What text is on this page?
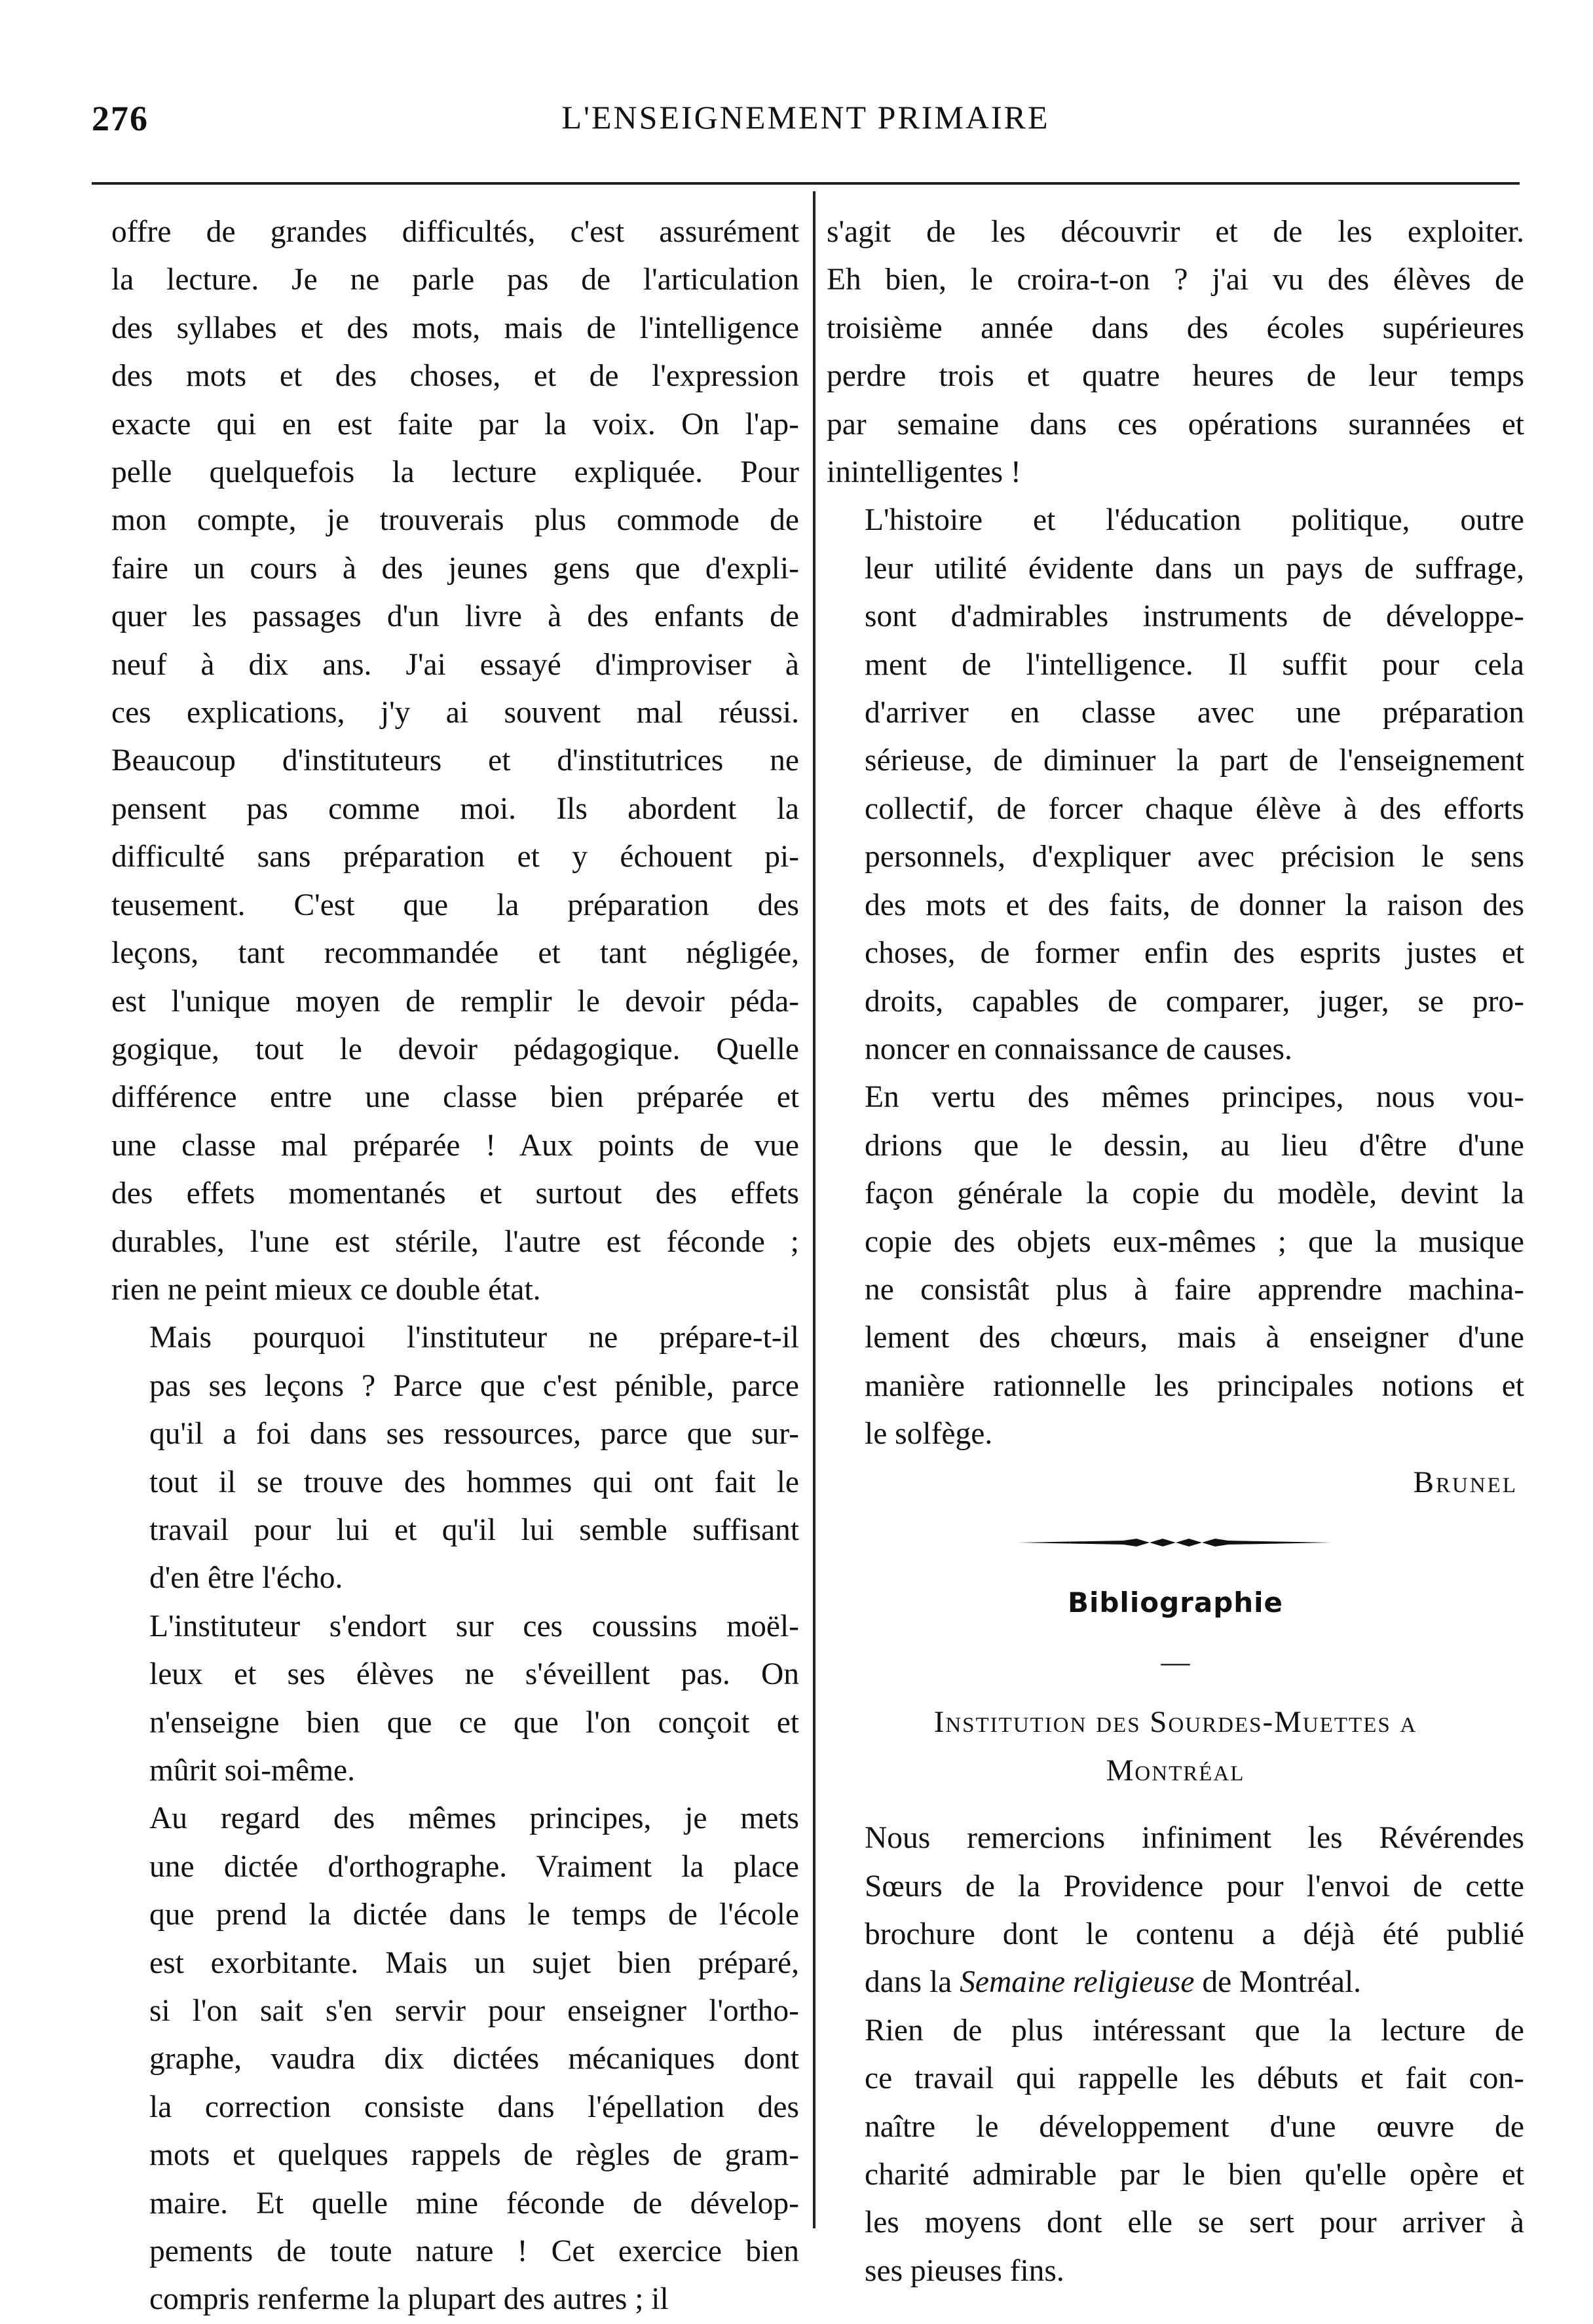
276	L'ENSEIGNEMENT PRIMAIRE

offre de grandes difficultés, c'est assurément
la lecture. Je ne parle pas de l'articulation
des syllabes et des mots, mais de l'intelligence
des mots et des choses, et de l'expression
exacte qui en est faite par la voix. On l'ap-
pelle quelquefois la lecture expliquée. Pour
mon compte, je trouverais plus commode de
faire un cours à des jeunes gens que d'expli-
quer les passages d'un livre à des enfants de
neuf à dix ans. J'ai essayé d'improviser à
ces explications, j'y ai souvent mal réussi.
Beaucoup d'instituteurs et d'institutrices ne
pensent pas comme moi. Ils abordent la
difficulté sans préparation et y échouent pi-
teusement. C'est que la préparation des
leçons, tant recommandée et tant négligée,
est l'unique moyen de remplir le devoir péda-
gogique, tout le devoir pédagogique. Quelle
différence entre une classe bien préparée et
une classe mal préparée ! Aux points de vue
des effets momentanés et surtout des effets
durables, l'une est stérile, l'autre est féconde ;
rien ne peint mieux ce double état.

Mais pourquoi l'instituteur ne prépare-t-il
pas ses leçons ? Parce que c'est pénible, parce
qu'il a foi dans ses ressources, parce que sur-
tout il se trouve des hommes qui ont fait le
travail pour lui et qu'il lui semble suffisant
d'en être l'écho.

L'instituteur s'endort sur ces coussins moël-
leux et ses élèves ne s'éveillent pas. On
n'enseigne bien que ce que l'on conçoit et
mûrit soi-même.

Au regard des mêmes principes, je mets
une dictée d'orthographe. Vraiment la place
que prend la dictée dans le temps de l'école
est exorbitante. Mais un sujet bien préparé,
si l'on sait s'en servir pour enseigner l'ortho-
graphe, vaudra dix dictées mécaniques dont
la correction consiste dans l'épellation des
mots et quelques rappels de règles de gram-
maire. Et quelle mine féconde de dévelop-
pements de toute nature ! Cet exercice bien
compris renferme la plupart des autres ; il

s'agit de les découvrir et de les exploiter.
Eh bien, le croira-t-on ? j'ai vu des élèves de
troisième année dans des écoles supérieures
perdre trois et quatre heures de leur temps
par semaine dans ces opérations surannées et
inintelligentes !

L'histoire et l'éducation politique, outre
leur utilité évidente dans un pays de suffrage,
sont d'admirables instruments de développe-
ment de l'intelligence. Il suffit pour cela
d'arriver en classe avec une préparation
sérieuse, de diminuer la part de l'enseignement
collectif, de forcer chaque élève à des efforts
personnels, d'expliquer avec précision le sens
des mots et des faits, de donner la raison des
choses, de former enfin des esprits justes et
droits, capables de comparer, juger, se pro-
noncer en connaissance de causes.

En vertu des mêmes principes, nous vou-
drions que le dessin, au lieu d'être d'une
façon générale la copie du modèle, devint la
copie des objets eux-mêmes ; que la musique
ne consistât plus à faire apprendre machina-
lement des chœurs, mais à enseigner d'une
manière rationnelle les principales notions et
le solfège.

Brunel
Bibliographie
—
Institution des Sourdes-Muettes a
Montréal

Nous remercions infiniment les Révérendes
Sœurs de la Providence pour l'envoi de cette
brochure dont le contenu a déjà été publié
dans la Semaine religieuse de Montréal.

Rien de plus intéressant que la lecture de
ce travail qui rappelle les débuts et fait con-
naître le développement d'une œuvre de
charité admirable par le bien qu'elle opère et
les moyens dont elle se sert pour arriver à
ses pieuses fins.
